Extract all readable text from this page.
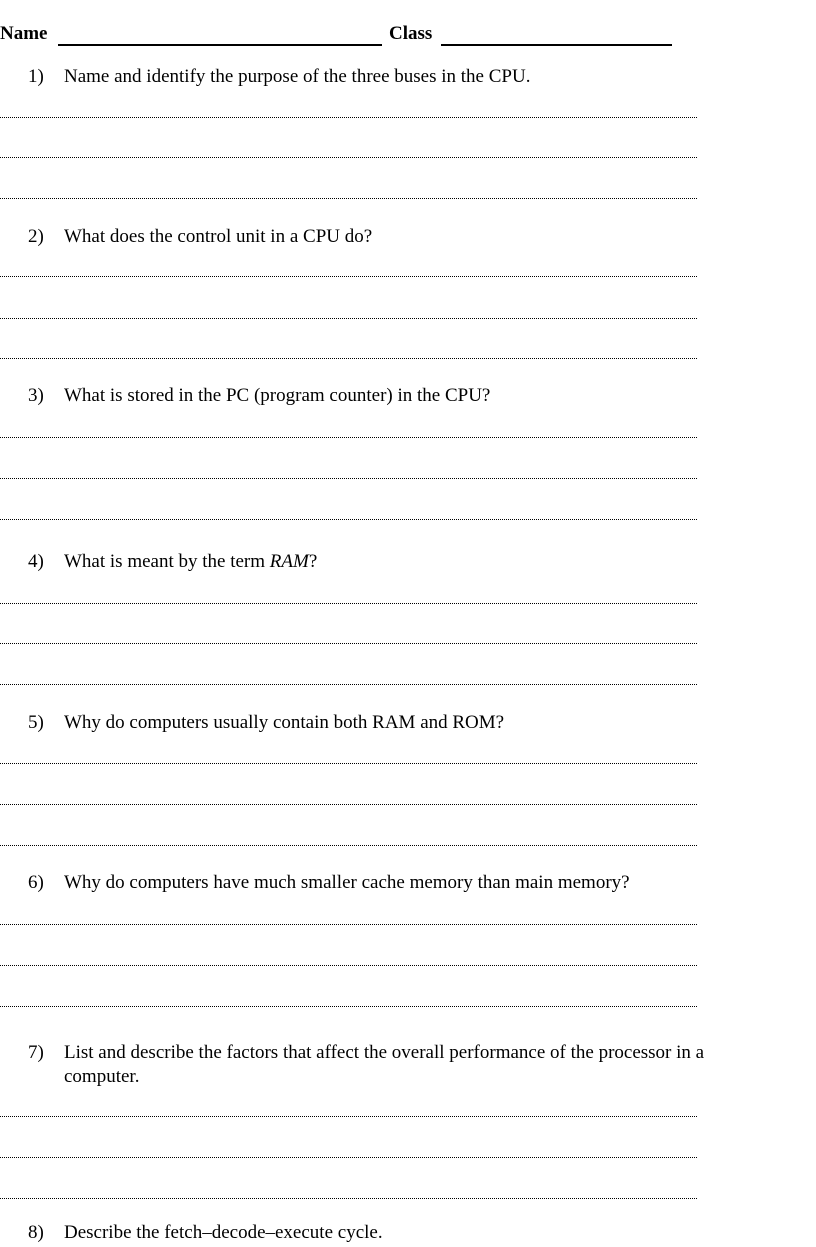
Name	Class
1) Name and identify the purpose of the three buses in the CPU.
2) What does the control unit in a CPU do?
3) What is stored in the PC (program counter) in the CPU?
4) What is meant by the term RAM?
5) Why do computers usually contain both RAM and ROM?
6) Why do computers have much smaller cache memory than main memory?
7) List and describe the factors that affect the overall performance of the processor in a computer.
8) Describe the fetch–decode–execute cycle.
